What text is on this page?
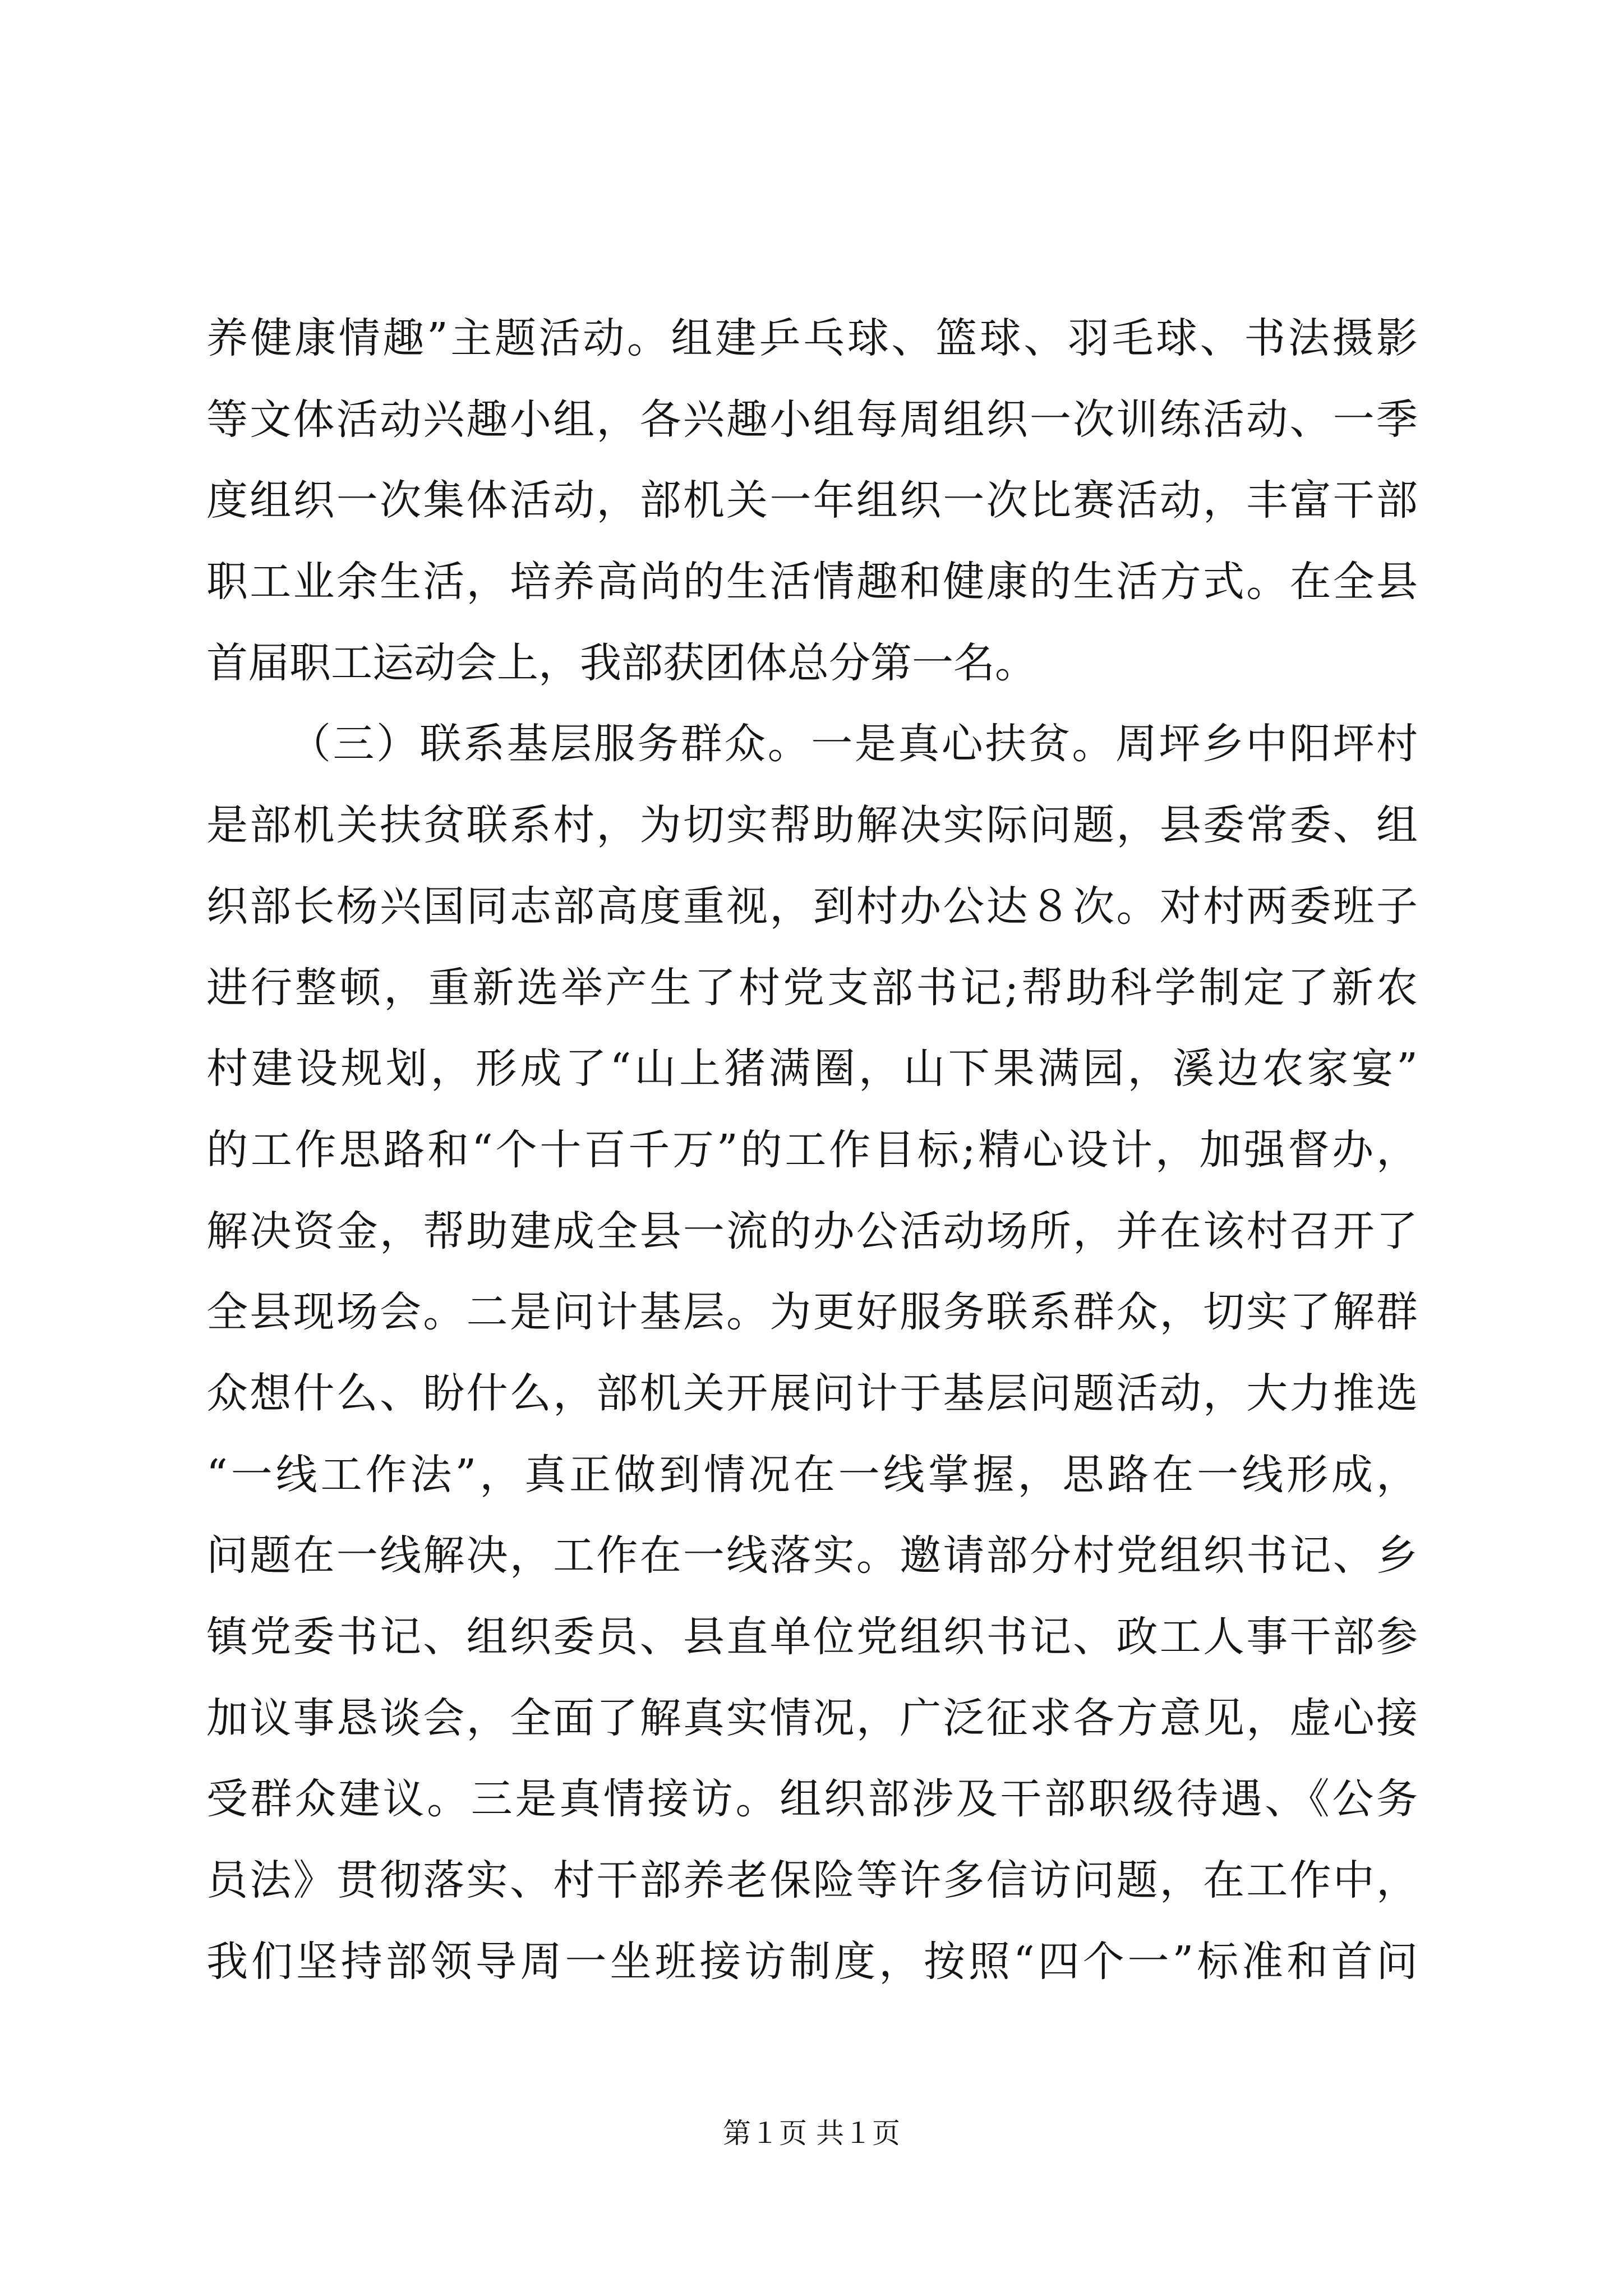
养健康情趣”主题活动。组建乒乓球、篮球、羽毛球、书法摄影
等文体活动兴趣小组，各兴趣小组每周组织一次训练活动、一季
度组织一次集体活动，部机关一年组织一次比赛活动，丰富干部
职工业余生活，培养高尚的生活情趣和健康的生活方式。在全县
首届职工运动会上，我部获团体总分第一名。
（三）联系基层服务群众。一是真心扶贫。周坪乡中阳坪村
是部机关扶贫联系村，为切实帮助解决实际问题，县委常委、组
织部长杨兴国同志部高度重视，到村办公达８次。对村两委班子
进行整顿，重新选举产生了村党支部书记;帮助科学制定了新农
村建设规划，形成了“山上猪满圈，山下果满园，溪边农家宴”
的工作思路和“个十百千万”的工作目标;精心设计，加强督办，
解决资金，帮助建成全县一流的办公活动场所，并在该村召开了
全县现场会。二是问计基层。为更好服务联系群众，切实了解群
众想什么、盼什么，部机关开展问计于基层问题活动，大力推选
“一线工作法”，真正做到情况在一线掌握，思路在一线形成，
问题在一线解决，工作在一线落实。邀请部分村党组织书记、乡
镇党委书记、组织委员、县直单位党组织书记、政工人事干部参
加议事恳谈会，全面了解真实情况，广泛征求各方意见，虚心接
受群众建议。三是真情接访。组织部涉及干部职级待遇、《公务
员法》贯彻落实、村干部养老保险等许多信访问题，在工作中，
我们坚持部领导周一坐班接访制度，按照“四个一”标准和首问
第１页 共１页
